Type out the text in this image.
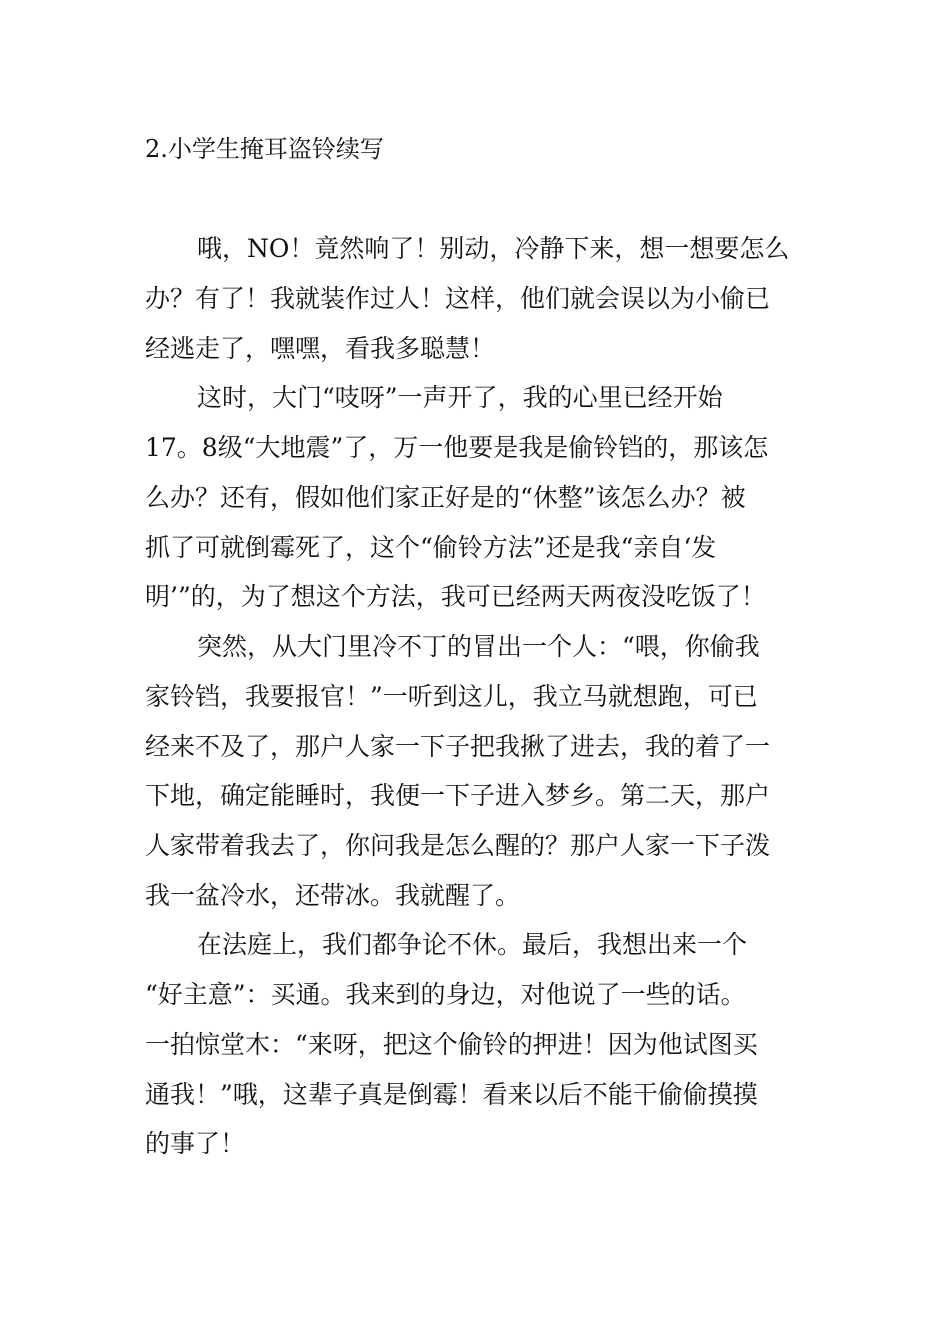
2.小学生掩耳盗铃续写
哦，NO！竟然响了！别动，冷静下来，想一想要怎么
办？有了！我就装作过人！这样，他们就会误以为小偷已
经逃走了，嘿嘿，看我多聪慧！
这时，大门“吱呀”一声开了，我的心里已经开始
17。8级“大地震”了，万一他要是我是偷铃铛的，那该怎
么办？还有，假如他们家正好是的“休整”该怎么办？被
抓了可就倒霉死了，这个“偷铃方法”还是我“亲自‘发
明’”的，为了想这个方法，我可已经两天两夜没吃饭了！
突然，从大门里冷不丁的冒出一个人：“喂，你偷我
家铃铛，我要报官！”一听到这儿，我立马就想跑，可已
经来不及了，那户人家一下子把我揪了进去，我的着了一
下地，确定能睡时，我便一下子进入梦乡。第二天，那户
人家带着我去了，你问我是怎么醒的？那户人家一下子泼
我一盆冷水，还带冰。我就醒了。
在法庭上，我们都争论不休。最后，我想出来一个
“好主意”：买通。我来到的身边，对他说了一些的话。
一拍惊堂木：“来呀，把这个偷铃的押进！因为他试图买
通我！”哦，这辈子真是倒霉！看来以后不能干偷偷摸摸
的事了！
